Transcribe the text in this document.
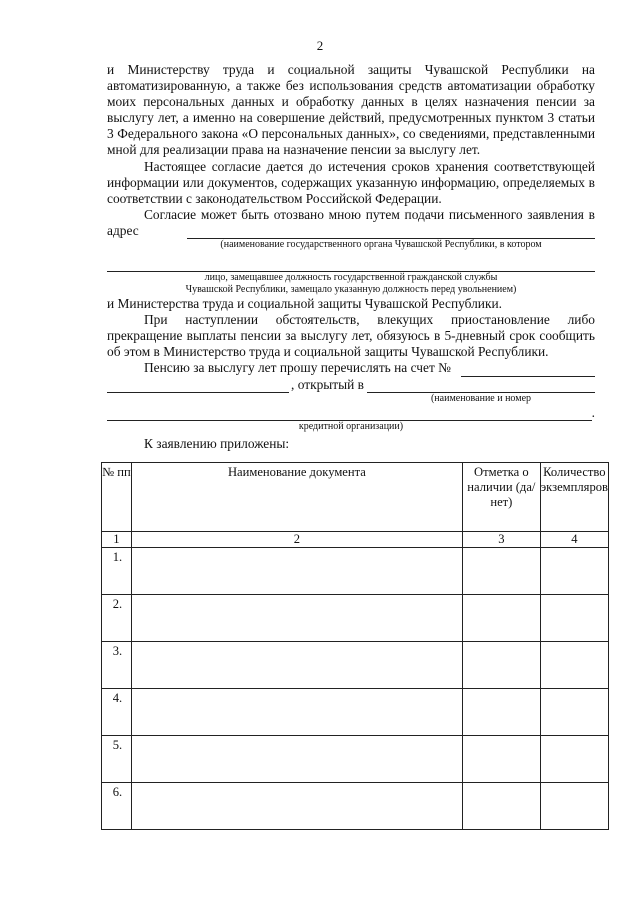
2

и Министерству труда и социальной защиты Чувашской Республики на автоматизированную, а также без использования средств автоматизации обработку моих персональных данных и обработку данных в целях назначения пенсии за выслугу лет, а именно на совершение действий, предусмотренных пунктом 3 статьи 3 Федерального закона «О персональных данных», со сведениями, представленными мной для реализации права на назначение пенсии за выслугу лет.

Настоящее согласие дается до истечения сроков хранения соответствующей информации или документов, содержащих указанную информацию, определяемых в соответствии с законодательством Российской Федерации.

Согласие может быть отозвано мною путем подачи письменного заявления в адрес

(наименование государственного органа Чувашской Республики, в котором
лицо, замещавшее должность государственной гражданской службы
Чувашской Республики, замещало указанную должность перед увольнением)

и Министерства труда и социальной защиты Чувашской Республики.

При наступлении обстоятельств, влекущих приостановление либо прекращение выплаты пенсии за выслугу лет, обязуюсь в 5-дневный срок сообщить об этом в Министерство труда и социальной защиты Чувашской Республики.

Пенсию за выслугу лет прошу перечислять на счет №
, открытый в
(наименование и номер
.
кредитной организации)
К заявлению приложены:
№ пп	Наименование документа	Отметка о наличии (да/нет)	Количество экземпляров
1	2	3	4
1.			
2.			
3.			
4.			
5.			
6.			
